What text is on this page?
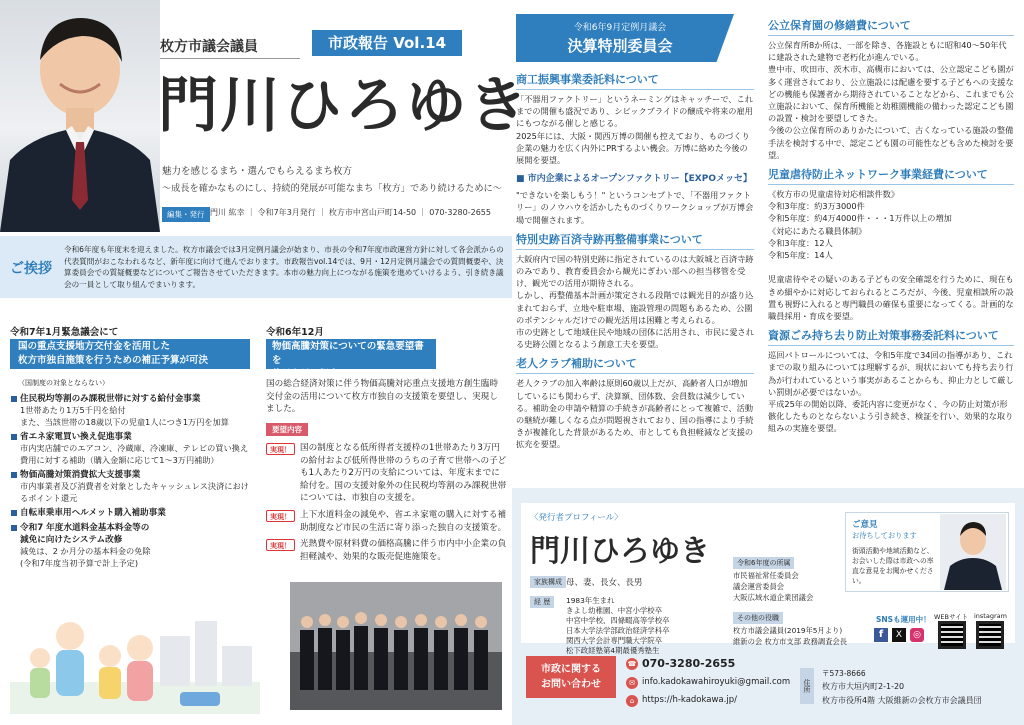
枚方市議会議員	市政報告 Vol.14
門川ひろゆき
魅力を感じるまち・選んでもらえるまち枚方
〜成長を確かなものにし、持続的発展が可能なまち「枚方」であり続けるために〜
編集・発行 門川 紘幸 ｜ 令和7年3月発行 ｜ 枚方市中宮山戸町14-50 ｜ 070-3280-2655
ご挨拶
令和6年度も年度末を迎えました。枚方市議会では3月定例月議会が始まり、市長の令和7年度市政運営方針に対して各会派からの代表質問がおこなわれるなど、新年度に向けて進んでおります。市政報告vol.14では、9月・12月定例月議会での質問概要や、決算委員会での質疑概要などについてご報告させていただきます。本市の魅力向上につながる施策を進めていけるよう、引き続き議会の一員として取り組んでまいります。
令和7年1月緊急議会にて
国の重点支援地方交付金を活用した
枚方市独自施策を行うための補正予算が可決
（国制度の対象とならない）
住民税均等割のみ課税世帯に対する給付金事業
1世帯あたり1万5千円を給付
また、当該世帯の18歳以下の児童1人につき1万円を加算
省エネ家電買い換え促進事業
市内実店舗でのエアコン、冷蔵庫、冷凍庫、テレビの買い換え費用に対する補助（購入金額に応じて1〜3万円補助）
物価高騰対策消費拡大支援事業
市内事業者及び消費者を対象としたキャッシュレス決済におけるポイント還元
自転車乗車用ヘルメット購入補助事業
令和7 年度水道料金基本料金等の
減免に向けたシステム改修
減免は、2 か月分の基本料金の免除
(令和7年度当初予算で計上予定)
令和6年12月
物価高騰対策についての緊急要望書を
伏見市長に提出
国の総合経済対策に伴う物価高騰対応重点支援地方創生臨時交付金の活用について枚方市独自の支援策を要望し、実現しました。
要望内容
実現！	国の制度となる低所得者支援枠の1世帯あたり3万円の給付および低所得世帯のうちの子育て世帯への子ども1人あたり2万円の支給については、年度末までに給付を。国の支援対象外の住民税均等割のみ課税世帯については、市独自の支援を。
実現！	上下水道料金の減免や、省エネ家電の購入に対する補助制度など市民の生活に寄り添った独自の支援策を。
実現！	光熱費や原材料費の価格高騰に伴う市内中小企業の負担軽減や、効果的な販売促進施策を。
令和6年9月定例月議会
決算特別委員会
商工振興事業委託料について
「不器用ファクトリー」というネーミングはキャッチーで、これまでの開催も盛況であり、シビックプライドの醸成や将来の雇用にもつながる催しと感じる。
2025年には、大阪・関西万博の開催も控えており、ものづくり企業の魅力を広く内外にPRするよい機会。万博に絡めた今後の展開を要望。
■ 市内企業によるオープンファクトリー【EXPOメッセ】
"できないを楽しもう！" というコンセプトで、「不器用ファクトリー」のノウハウを活かしたものづくりワークショップが万博会場で開催されます。
特別史跡百済寺跡再整備事業について
大阪府内で国の特別史跡に指定されているのは大阪城と百済寺跡のみであり、教育委員会から観光にぎわい部への担当移管を受け、観光での活用が期待される。
しかし、再整備基本計画が策定される段階では観光目的が盛り込まれておらず、立地や駐車場、施設管理の問題もあるため、公園のポテンシャルだけでの観光活用は困難と考えられる。
市の史跡として地域住民や地域の団体に活用され、市民に愛される史跡公園となるよう創意工夫を要望。
老人クラブ補助について
老人クラブの加入率齢は原則60歳以上だが、高齢者人口が増加しているにも関わらず、決算額、団体数、会員数は減少している。補助金の申請や精算の手続きが高齢者にとって複雑で、活動の継続が難しくなる点が問題視されており、国の指導により手続きが複雑化した背景があるため、市としても負担軽減など支援の拡充を要望。
公立保育園の修繕費について
公立保育所8か所は、一部を除き、各施設ともに昭和40〜50年代に建設された建物で老朽化が進んでいる。
豊中市、吹田市、茨木市、高槻市においては、公立認定こども園が多く運営されており、公立施設には配慮を要する子どもへの支援などの機能も保護者から期待されていることなどから、これまでも公立施設において、保育所機能と幼稚園機能の備わった認定こども園の設置・検討を要望してきた。
今後の公立保育所のありかたについて、古くなっている施設の整備手法を検討する中で、認定こども園の可能性なども含めた検討を要望。
児童虐待防止ネットワーク事業経費について
《枚方市の児童虐待対応相談件数》
令和3年度：約3万3000件
令和5年度：約4万4000件・・・1万件以上の増加
《対応にあたる職員体制》
令和3年度：12人
令和5年度：14人

児童虐待やその疑いのある子どもの安全確認を行うために、現在もきめ細やかに対応しておられるところだが、今後、児童相談所の設置も視野に入れると専門職員の確保も重要になってくる。計画的な職員採用・育成を要望。
資源ごみ持ち去り防止対策事務委託料について
巡回パトロールについては、令和5年度で34回の指導があり、これまでの取り組みについては理解するが、現状においても持ち去り行為が行われているという事実があることからも、抑止力として厳しい罰則が必要ではないか。
平成25年の開始以降、委託内容に変更がなく、今の防止対策が形骸化したものとならないよう引き続き、検証を行い、効果的な取り組みの実施を要望。
〈発行者プロフィール〉
門川ひろゆき
家族構成 母、妻、長女、長男
経 歴	1983年生まれ
きよし幼稚園、中宮小学校卒
中宮中学校、四條畷高等学校卒
日本大学法学部政治経済学科卒
関西大学会計専門職大学院卒
松下政経塾第4期最優秀塾生
令和6年度の所属
市民福祉常任委員会
議会運営委員会
大阪広域水道企業団議会
その他の役職
枚方市議会議員(2019年5月より)
維新の会 枚方市支部 政務調査会長
ご意見
お待ちしております
街頭活動や地域活動など、お会いした際は市政への率直な意見をお聞かせください。
SNSも運用中！
f	X	◎
WEBサイト instagram
市政に関する
お問い合わせ
☎ 070-3280-2655
✉ info.kadokawahiroyuki@gmail.com
⌂ https://h-kadokawa.jp/
住所
〒573-8666
枚方市大垣内町2-1-20
枚方市役所4階 大阪維新の会枚方市会議員団
